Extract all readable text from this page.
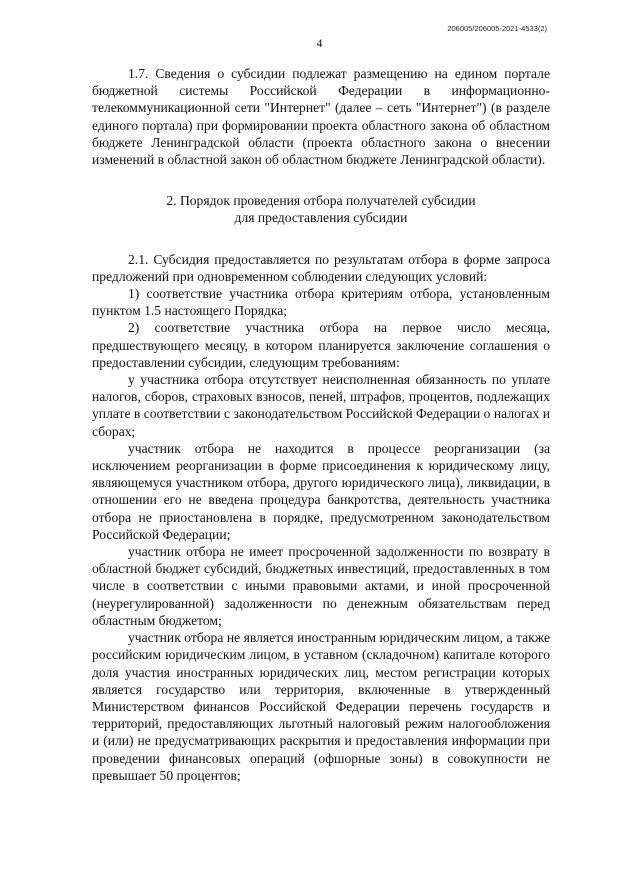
206005/206005-2021-4533(2)
4

1.7. Сведения о субсидии подлежат размещению на едином портале бюджетной системы Российской Федерации в информационно-телекоммуникационной сети "Интернет" (далее – сеть "Интернет") (в разделе единого портала) при формировании проекта областного закона об областном бюджете Ленинградской области (проекта областного закона о внесении изменений в областной закон об областном бюджете Ленинградской области).

2. Порядок проведения отбора получателей субсидии
для предоставления субсидии

2.1. Субсидия предоставляется по результатам отбора в форме запроса предложений при одновременном соблюдении следующих условий:

1) соответствие участника отбора критериям отбора, установленным пунктом 1.5 настоящего Порядка;

2) соответствие участника отбора на первое число месяца, предшествующего месяцу, в котором планируется заключение соглашения о предоставлении субсидии, следующим требованиям:

у участника отбора отсутствует неисполненная обязанность по уплате налогов, сборов, страховых взносов, пеней, штрафов, процентов, подлежащих уплате в соответствии с законодательством Российской Федерации о налогах и сборах;

участник отбора не находится в процессе реорганизации (за исключением реорганизации в форме присоединения к юридическому лицу, являющемуся участником отбора, другого юридического лица), ликвидации, в отношении его не введена процедура банкротства, деятельность участника отбора не приостановлена в порядке, предусмотренном законодательством Российской Федерации;

участник отбора не имеет просроченной задолженности по возврату в областной бюджет субсидий, бюджетных инвестиций, предоставленных в том числе в соответствии с иными правовыми актами, и иной просроченной (неурегулированной) задолженности по денежным обязательствам перед областным бюджетом;

участник отбора не является иностранным юридическим лицом, а также российским юридическим лицом, в уставном (складочном) капитале которого доля участия иностранных юридических лиц, местом регистрации которых является государство или территория, включенные в утвержденный Министерством финансов Российской Федерации перечень государств и территорий, предоставляющих льготный налоговый режим налогообложения и (или) не предусматривающих раскрытия и предоставления информации при проведении финансовых операций (офшорные зоны) в совокупности не превышает 50 процентов;
